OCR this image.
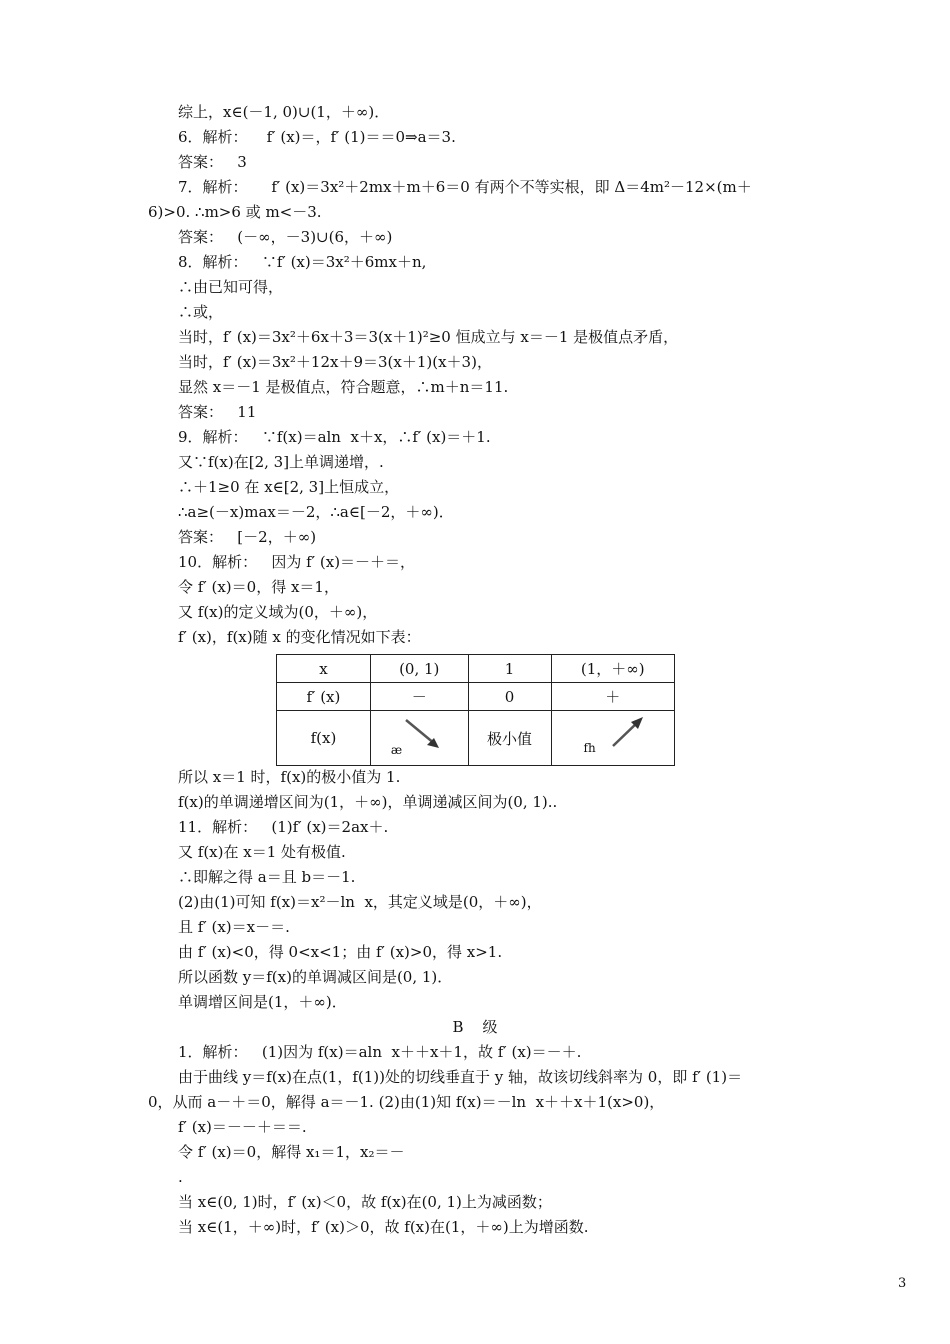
综上，x∈(－1, 0)∪(1，＋∞)．
6．解析：    f′ (x)＝，f′ (1)＝＝0⇒a＝3.
答案：   3
7．解析：     f′ (x)＝3x²＋2mx＋m＋6＝0 有两个不等实根，即 Δ＝4m²－12×(m＋
6)>0. ∴m>6 或 m<－3.
答案：   (－∞，－3)∪(6，＋∞)
8．解析：   ∵f′ (x)＝3x²＋6mx＋n,
∴由已知可得，
∴或，
当时，f′ (x)＝3x²＋6x＋3＝3(x＋1)²≥0 恒成立与 x＝－1 是极值点矛盾，
当时，f′ (x)＝3x²＋12x＋9＝3(x＋1)(x＋3)，
显然 x＝－1 是极值点，符合题意，∴m＋n＝11.
答案：   11
9．解析：   ∵f(x)＝aln  x＋x，∴f′ (x)＝＋1.
又∵f(x)在[2, 3]上单调递增，.
∴＋1≥0 在 x∈[2, 3]上恒成立，
∴a≥(－x)max＝－2，∴a∈[－2，＋∞)．
答案：   [－2，＋∞)
10．解析：   因为 f′ (x)＝－＋＝，
令 f′ (x)＝0，得 x＝1，
又 f(x)的定义域为(0，＋∞)，
f′ (x)，f(x)随 x 的变化情况如下表：
x	(0, 1)	1	(1，＋∞)
f′ (x)	－	0	＋
f(x)	æ	极小值	fh
所以 x＝1 时，f(x)的极小值为 1.
f(x)的单调递增区间为(1，＋∞)，单调递减区间为(0, 1)..
11．解析：   (1)f′ (x)＝2ax＋.
又 f(x)在 x＝1 处有极值.
∴即解之得 a＝且 b＝－1.
(2)由(1)可知 f(x)＝x²－ln  x，其定义域是(0，＋∞)，
且 f′ (x)＝x－＝.
由 f′ (x)<0，得 0<x<1；由 f′ (x)>0，得 x>1.
所以函数 y＝f(x)的单调减区间是(0, 1)．
单调增区间是(1，＋∞)．
B    级
1．解析：   (1)因为 f(x)＝aln  x＋＋x＋1，故 f′ (x)＝－＋.
由于曲线 y＝f(x)在点(1，f(1))处的切线垂直于 y 轴，故该切线斜率为 0，即 f′ (1)＝
0，从而 a－＋＝0，解得 a＝－1. (2)由(1)知 f(x)＝－ln  x＋＋x＋1(x>0)，
f′ (x)＝－－＋＝＝.
令 f′ (x)＝0，解得 x₁＝1，x₂＝－
.
当 x∈(0, 1)时，f′ (x)＜0，故 f(x)在(0, 1)上为减函数；
当 x∈(1，＋∞)时，f′ (x)＞0，故 f(x)在(1，＋∞)上为增函数.
3
